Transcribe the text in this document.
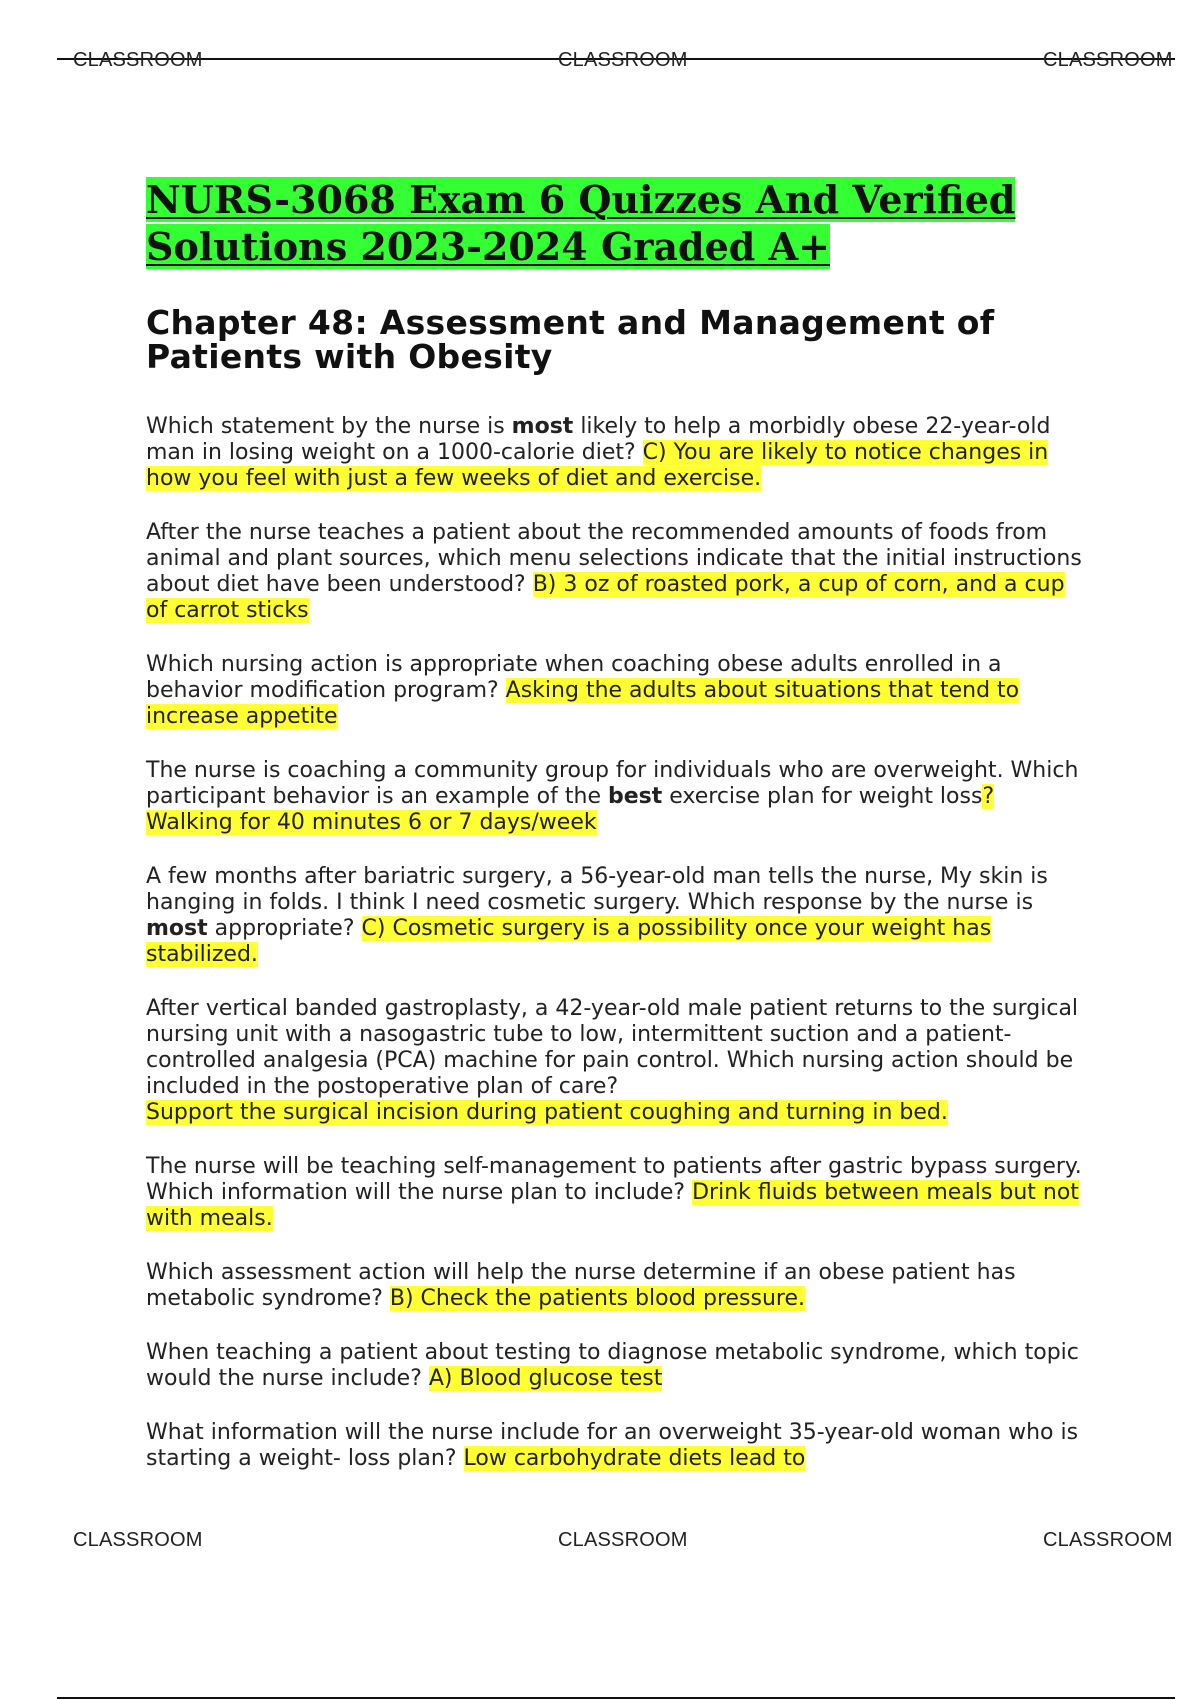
CLASSROOM	CLASSROOM	CLASSROOM
NURS-3068 Exam 6 Quizzes And Verified Solutions 2023-2024 Graded A+
Chapter 48: Assessment and Management of Patients with Obesity

Which statement by the nurse is most likely to help a morbidly obese 22-year-old man in losing weight on a 1000-calorie diet? C) You are likely to notice changes in how you feel with just a few weeks of diet and exercise.

After the nurse teaches a patient about the recommended amounts of foods from animal and plant sources, which menu selections indicate that the initial instructions about diet have been understood? B) 3 oz of roasted pork, a cup of corn, and a cup of carrot sticks

Which nursing action is appropriate when coaching obese adults enrolled in a behavior modification program? Asking the adults about situations that tend to increase appetite

The nurse is coaching a community group for individuals who are overweight. Which participant behavior is an example of the best exercise plan for weight loss?
Walking for 40 minutes 6 or 7 days/week

A few months after bariatric surgery, a 56-year-old man tells the nurse, My skin is hanging in folds. I think I need cosmetic surgery. Which response by the nurse is most appropriate? C) Cosmetic surgery is a possibility once your weight has stabilized.

After vertical banded gastroplasty, a 42-year-old male patient returns to the surgical nursing unit with a nasogastric tube to low, intermittent suction and a patient- controlled analgesia (PCA) machine for pain control. Which nursing action should be included in the postoperative plan of care?
Support the surgical incision during patient coughing and turning in bed.

The nurse will be teaching self-management to patients after gastric bypass surgery. Which information will the nurse plan to include? Drink fluids between meals but not with meals.

Which assessment action will help the nurse determine if an obese patient has metabolic syndrome? B) Check the patients blood pressure.

When teaching a patient about testing to diagnose metabolic syndrome, which topic would the nurse include? A) Blood glucose test

What information will the nurse include for an overweight 35-year-old woman who is starting a weight- loss plan? Low carbohydrate diets lead to

CLASSROOM	CLASSROOM	CLASSROOM
